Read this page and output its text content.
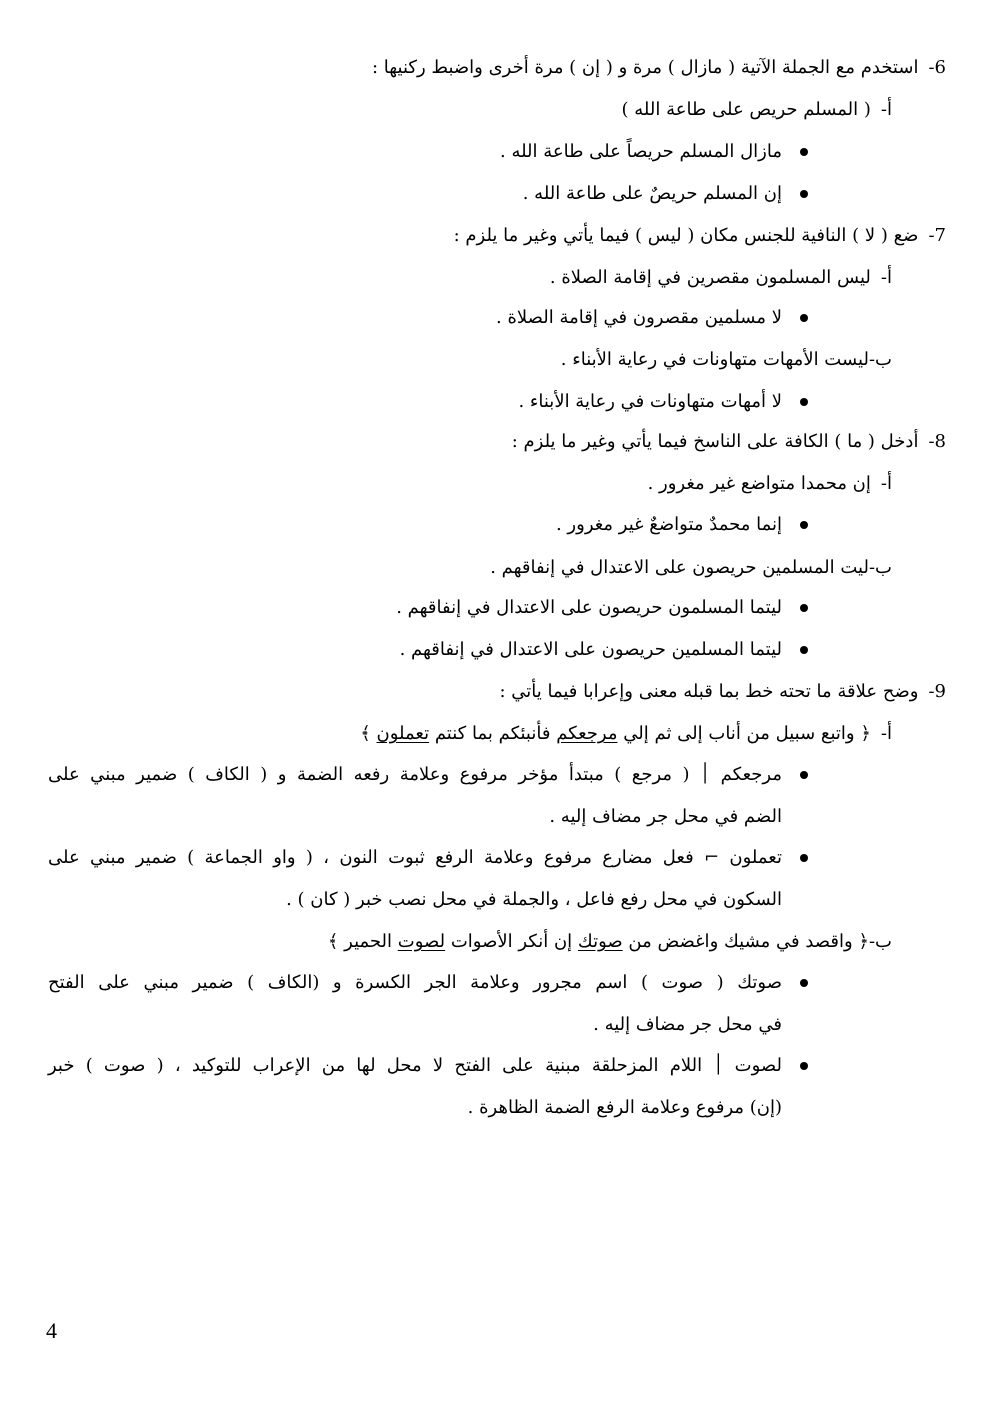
6-استخدم مع الجملة الآتية ( مازال ) مرة و ( إن ) مرة أخرى واضبط ركنيها :
أ-( المسلم حريص على طاعة الله )
مازال المسلم حريصاً على طاعة الله .
إن المسلم حريصٌ على طاعة الله .
7-ضع ( لا ) النافية للجنس مكان ( ليس ) فيما يأتي وغير ما يلزم :
أ-ليس المسلمون مقصرين في إقامة الصلاة .
لا مسلمين مقصرون في إقامة الصلاة .
ب-ليست الأمهات متهاونات في رعاية الأبناء .
لا أمهات متهاونات في رعاية الأبناء .
8-أدخل ( ما ) الكافة على الناسخ فيما يأتي وغير ما يلزم :
أ-إن محمدا متواضع غير مغرور .
إنما محمدٌ متواضعٌ غير مغرور .
ب-ليت المسلمين حريصون على الاعتدال في إنفاقهم .
ليتما المسلمون حريصون على الاعتدال في إنفاقهم .
ليتما المسلمين حريصون على الاعتدال في إنفاقهم .
9-وضح علاقة ما تحته خط بما قبله معنى وإعرابا فيما يأتي :
أ-﴿ واتبع سبيل من أناب إلى ثم إلي مرجعكم فأنبئكم بما كنتم تعملون ﴾
مرجعكم ׀ ( مرجع ) مبتدأ مؤخر مرفوع وعلامة رفعه الضمة و ( الكاف ) ضمير مبني على
الضم في محل جر مضاف إليه .
تعملون ⌐ فعل مضارع مرفوع وعلامة الرفع ثبوت النون ، ( واو الجماعة ) ضمير مبني على
السكون في محل رفع فاعل ، والجملة في محل نصب خبر ( كان ) .
ب-﴿ واقصد في مشيك واغضض من صوتك إن أنكر الأصوات لصوت الحمير ﴾
صوتك ( صوت ) اسم مجرور وعلامة الجر الكسرة و (الكاف ) ضمير مبني على الفتح
في محل جر مضاف إليه .
لصوت ׀ اللام المزحلقة مبنية على الفتح لا محل لها من الإعراب للتوكيد ، ( صوت ) خبر
(إن) مرفوع وعلامة الرفع الضمة الظاهرة .
4
